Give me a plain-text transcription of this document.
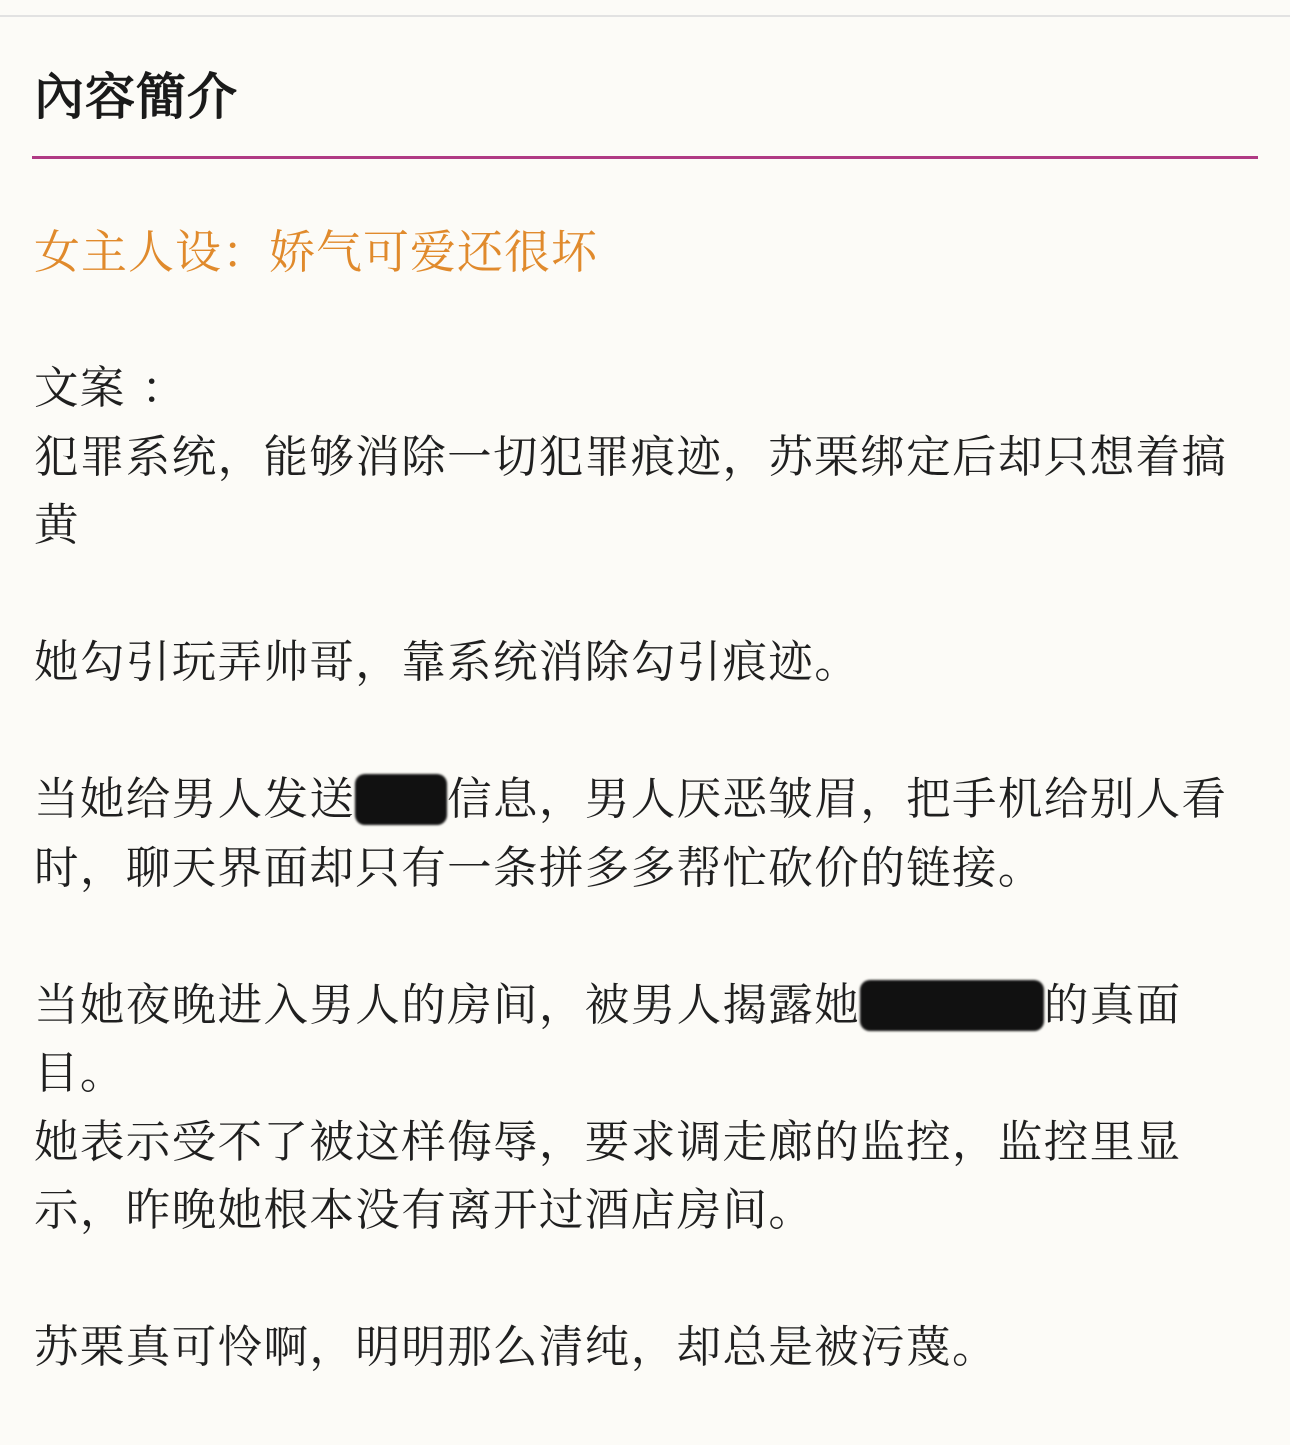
內容簡介

女主人设：娇气可爱还很坏

文案 ：

犯罪系统，能够消除一切犯罪痕迹，苏栗绑定后却只想着搞黄

她勾引玩弄帅哥，靠系统消除勾引痕迹。

当她给男人发送聊骚信息，男人厌恶皱眉，把手机给别人看时，聊天界面却只有一条拼多多帮忙砍价的链接。

当她夜晚进入男人的房间，被男人揭露她骚货爬床的真面目。

她表示受不了被这样侮辱，要求调走廊的监控，监控里显示，昨晚她根本没有离开过酒店房间。

苏栗真可怜啊，明明那么清纯，却总是被污蔑。
